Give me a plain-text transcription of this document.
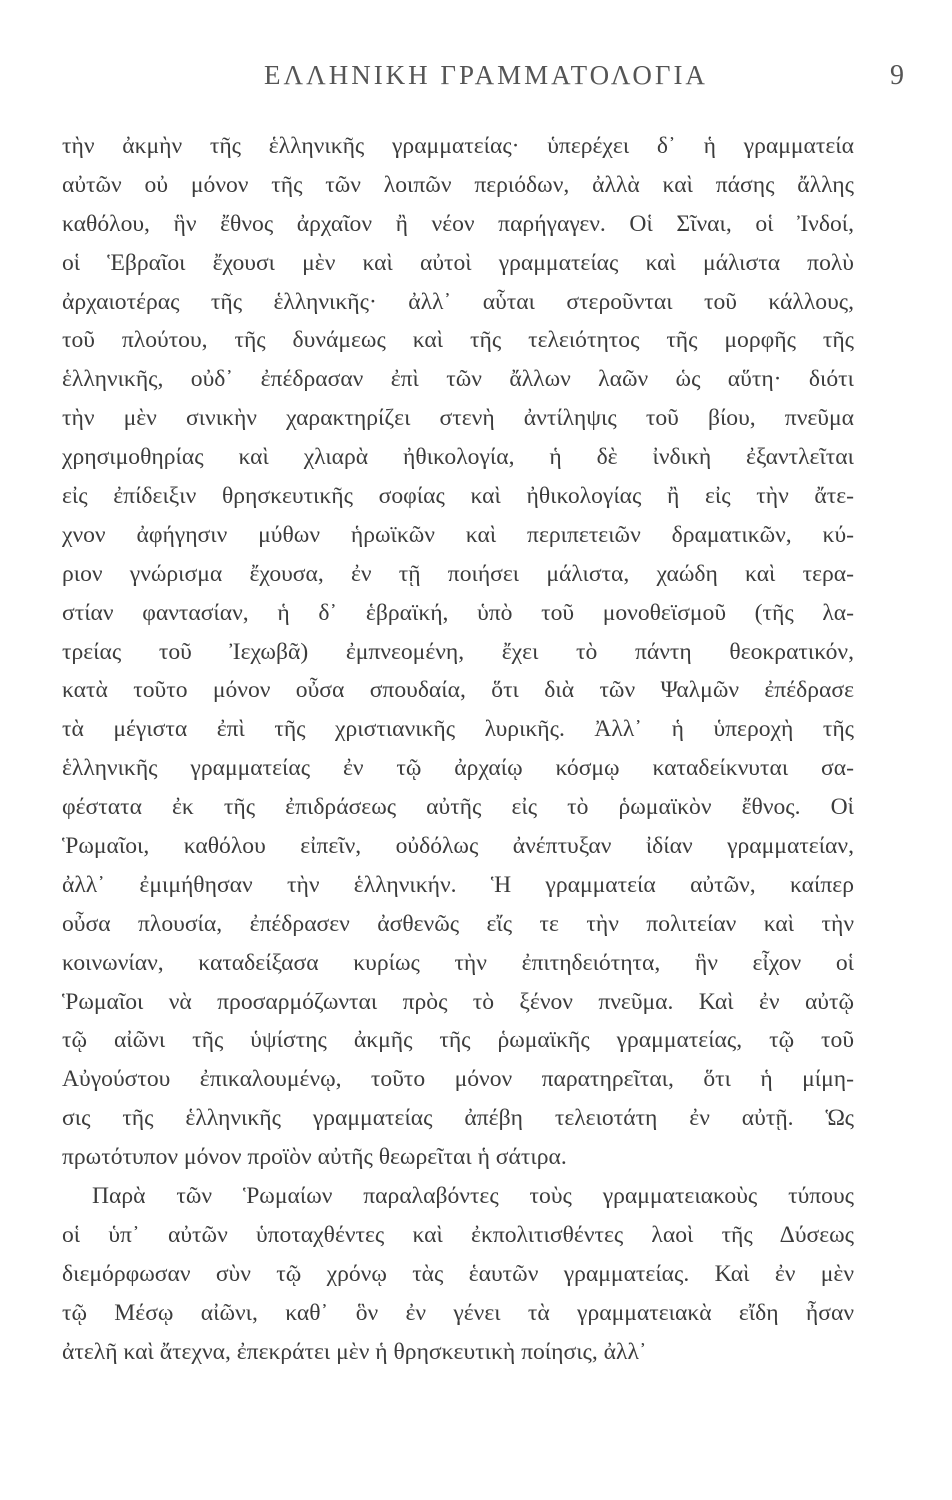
ΕΛΛΗΝΙΚΗ ΓΡΑΜΜΑΤΟΛΟΓΙΑ	9
τὴν ἀκμὴν τῆς ἑλληνικῆς γραμματείας· ὑπερέχει δ᾽ ἡ γραμματεία
αὐτῶν οὐ μόνον τῆς τῶν λοιπῶν περιόδων, ἀλλὰ καὶ πάσης ἄλλης
καθόλου, ἣν ἔθνος ἀρχαῖον ἢ νέον παρήγαγεν. Οἱ Σῖναι, οἱ Ἰνδοί,
οἱ Ἑβραῖοι ἔχουσι μὲν καὶ αὐτοὶ γραμματείας καὶ μάλιστα πολὺ
ἀρχαιοτέρας τῆς ἑλληνικῆς· ἀλλ᾽ αὗται στεροῦνται τοῦ κάλλους,
τοῦ πλούτου, τῆς δυνάμεως καὶ τῆς τελειότητος τῆς μορφῆς τῆς
ἑλληνικῆς, οὐδ᾽ ἐπέδρασαν ἐπὶ τῶν ἄλλων λαῶν ὡς αὕτη· διότι
τὴν μὲν σινικὴν χαρακτηρίζει στενὴ ἀντίληψις τοῦ βίου, πνεῦμα
χρησιμοθηρίας καὶ χλιαρὰ ἠθικολογία, ἡ δὲ ἰνδικὴ ἐξαντλεῖται
εἰς ἐπίδειξιν θρησκευτικῆς σοφίας καὶ ἠθικολογίας ἢ εἰς τὴν ἄτε-
χνον ἀφήγησιν μύθων ἡρωϊκῶν καὶ περιπετειῶν δραματικῶν, κύ-
ριον γνώρισμα ἔχουσα, ἐν τῇ ποιήσει μάλιστα, χαώδη καὶ τερα-
στίαν φαντασίαν, ἡ δ᾽ ἑβραϊκή, ὑπὸ τοῦ μονοθεϊσμοῦ (τῆς λα-
τρείας τοῦ Ἰεχωβᾶ) ἐμπνεομένη, ἔχει τὸ πάντη θεοκρατικόν,
κατὰ τοῦτο μόνον οὖσα σπουδαία, ὅτι διὰ τῶν Ψαλμῶν ἐπέδρασε
τὰ μέγιστα ἐπὶ τῆς χριστιανικῆς λυρικῆς. Ἀλλ᾽ ἡ ὑπεροχὴ τῆς
ἑλληνικῆς γραμματείας ἐν τῷ ἀρχαίῳ κόσμῳ καταδείκνυται σα-
φέστατα ἐκ τῆς ἐπιδράσεως αὐτῆς εἰς τὸ ῥωμαϊκὸν ἔθνος. Οἱ
Ῥωμαῖοι, καθόλου εἰπεῖν, οὐδόλως ἀνέπτυξαν ἰδίαν γραμματείαν,
ἀλλ᾽ ἐμιμήθησαν τὴν ἑλληνικήν. Ἡ γραμματεία αὐτῶν, καίπερ
οὖσα πλουσία, ἐπέδρασεν ἀσθενῶς εἴς τε τὴν πολιτείαν καὶ τὴν
κοινωνίαν, καταδείξασα κυρίως τὴν ἐπιτηδειότητα, ἣν εἶχον οἱ
Ῥωμαῖοι νὰ προσαρμόζωνται πρὸς τὸ ξένον πνεῦμα. Καὶ ἐν αὐτῷ
τῷ αἰῶνι τῆς ὑψίστης ἀκμῆς τῆς ῥωμαϊκῆς γραμματείας, τῷ τοῦ
Αὐγούστου ἐπικαλουμένῳ, τοῦτο μόνον παρατηρεῖται, ὅτι ἡ μίμη-
σις τῆς ἑλληνικῆς γραμματείας ἀπέβη τελειοτάτη ἐν αὐτῇ. Ὡς
πρωτότυπον μόνον προϊὸν αὐτῆς θεωρεῖται ἡ σάτιρα.
Παρὰ τῶν Ῥωμαίων παραλαβόντες τοὺς γραμματειακοὺς τύπους
οἱ ὑπ᾽ αὐτῶν ὑποταχθέντες καὶ ἐκπολιτισθέντες λαοὶ τῆς Δύσεως
διεμόρφωσαν σὺν τῷ χρόνῳ τὰς ἑαυτῶν γραμματείας. Καὶ ἐν μὲν
τῷ Μέσῳ αἰῶνι, καθ᾽ ὃν ἐν γένει τὰ γραμματειακὰ εἴδη ἦσαν
ἀτελῆ καὶ ἄτεχνα, ἐπεκράτει μὲν ἡ θρησκευτικὴ ποίησις, ἀλλ᾽
